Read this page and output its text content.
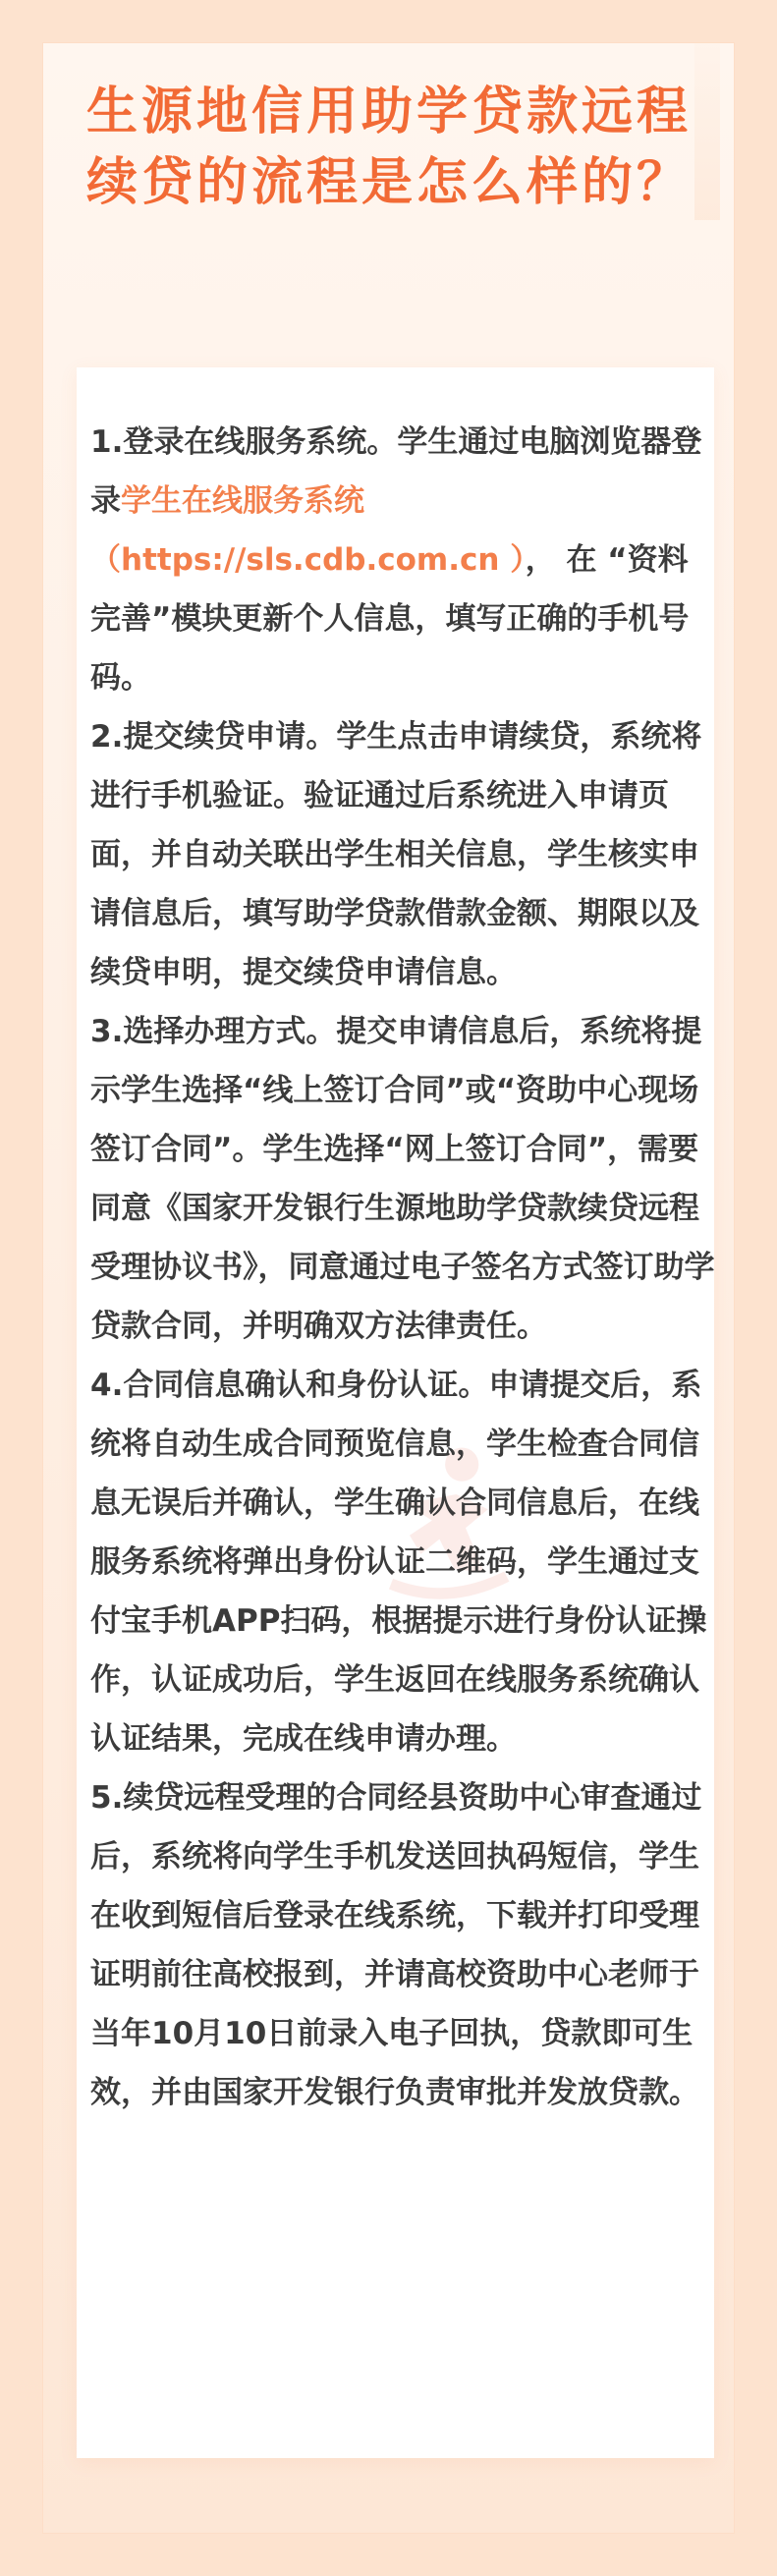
生源地信用助学贷款远程续贷的流程是怎么样的？

1.登录在线服务系统。学生通过电脑浏览器登录学生在线服务系统（https://sls.cdb.com.cn ）， 在 “资料完善”模块更新个人信息，填写正确的手机号码。

2.提交续贷申请。学生点击申请续贷，系统将进行手机验证。验证通过后系统进入申请页面，并自动关联出学生相关信息，学生核实申请信息后，填写助学贷款借款金额、期限以及续贷申明，提交续贷申请信息。

3.选择办理方式。提交申请信息后，系统将提示学生选择“线上签订合同”或“资助中心现场签订合同”。学生选择“网上签订合同”，需要同意《国家开发银行生源地助学贷款续贷远程受理协议书》，同意通过电子签名方式签订助学贷款合同，并明确双方法律责任。

4.合同信息确认和身份认证。申请提交后，系统将自动生成合同预览信息，学生检查合同信息无误后并确认，学生确认合同信息后，在线服务系统将弹出身份认证二维码，学生通过支付宝手机APP扫码，根据提示进行身份认证操作，认证成功后，学生返回在线服务系统确认认证结果，完成在线申请办理。

5.续贷远程受理的合同经县资助中心审查通过后，系统将向学生手机发送回执码短信，学生在收到短信后登录在线系统，下载并打印受理证明前往高校报到，并请高校资助中心老师于当年10月10日前录入电子回执，贷款即可生效，并由国家开发银行负责审批并发放贷款。
